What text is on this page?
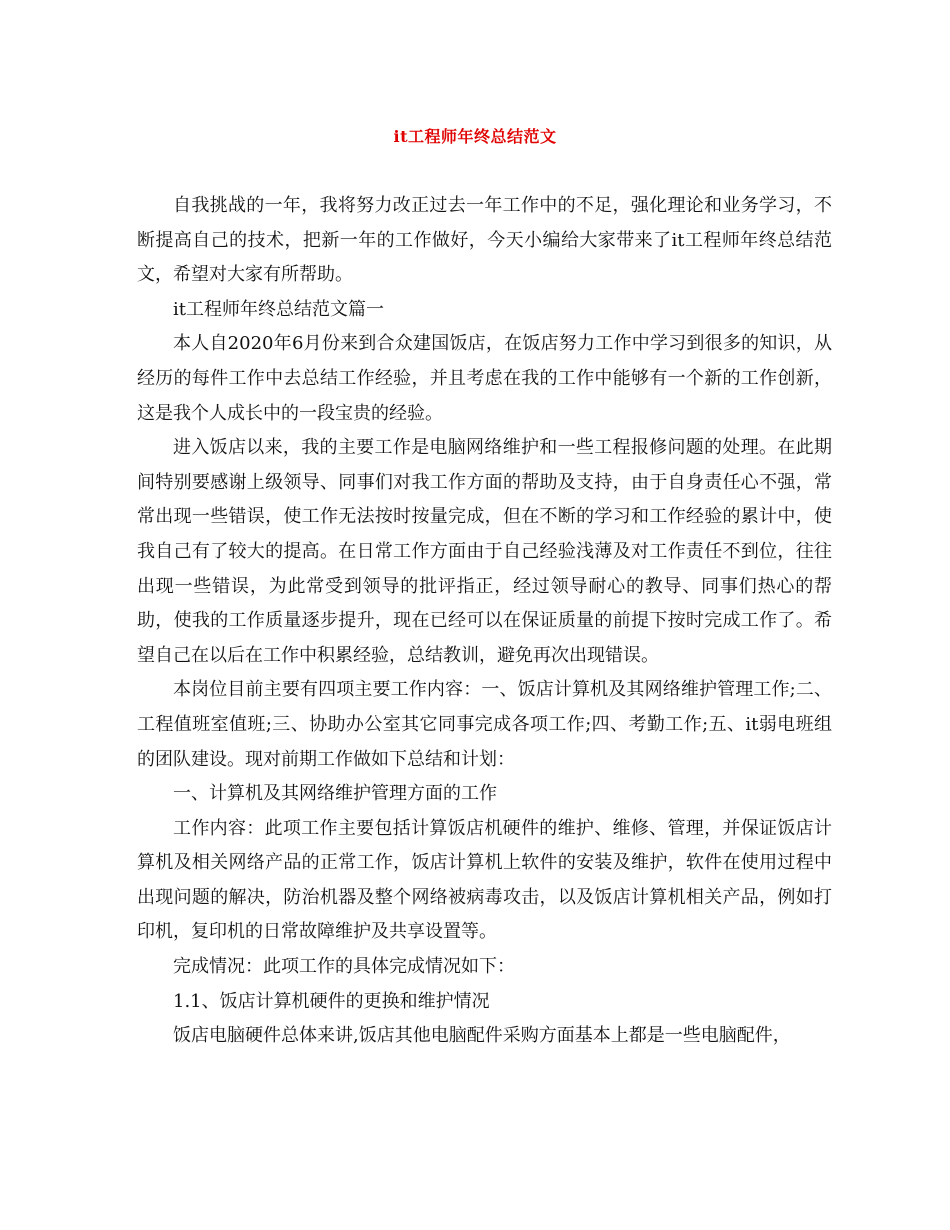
it工程师年终总结范文

自我挑战的一年，我将努力改正过去一年工作中的不足，强化理论和业务学习，不断提高自己的技术，把新一年的工作做好，今天小编给大家带来了it工程师年终总结范文，希望对大家有所帮助。

it工程师年终总结范文篇一

本人自2020年6月份来到合众建国饭店，在饭店努力工作中学习到很多的知识，从经历的每件工作中去总结工作经验，并且考虑在我的工作中能够有一个新的工作创新，这是我个人成长中的一段宝贵的经验。

进入饭店以来，我的主要工作是电脑网络维护和一些工程报修问题的处理。在此期间特别要感谢上级领导、同事们对我工作方面的帮助及支持，由于自身责任心不强，常常出现一些错误，使工作无法按时按量完成，但在不断的学习和工作经验的累计中，使我自己有了较大的提高。在日常工作方面由于自己经验浅薄及对工作责任不到位，往往出现一些错误，为此常受到领导的批评指正，经过领导耐心的教导、同事们热心的帮助，使我的工作质量逐步提升，现在已经可以在保证质量的前提下按时完成工作了。希望自己在以后在工作中积累经验，总结教训，避免再次出现错误。

本岗位目前主要有四项主要工作内容：一、饭店计算机及其网络维护管理工作;二、工程值班室值班;三、协助办公室其它同事完成各项工作;四、考勤工作;五、it弱电班组的团队建设。现对前期工作做如下总结和计划：

一、计算机及其网络维护管理方面的工作

工作内容：此项工作主要包括计算饭店机硬件的维护、维修、管理，并保证饭店计算机及相关网络产品的正常工作，饭店计算机上软件的安装及维护，软件在使用过程中出现问题的解决，防治机器及整个网络被病毒攻击，以及饭店计算机相关产品，例如打印机，复印机的日常故障维护及共享设置等。

完成情况：此项工作的具体完成情况如下：

1.1、饭店计算机硬件的更换和维护情况

饭店电脑硬件总体来讲,饭店其他电脑配件采购方面基本上都是一些电脑配件，
